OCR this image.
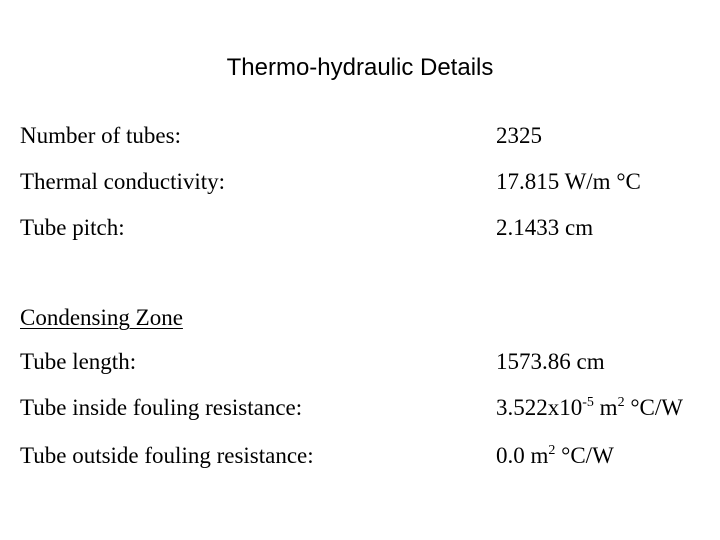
Thermo-hydraulic Details
Number of tubes:	2325
Thermal conductivity:	17.815 W/m °C
Tube pitch:	2.1433 cm
Condensing Zone
Tube length:	1573.86 cm
Tube inside fouling resistance:	$3.522x10^{-5}$ $m^2$ °C/W
Tube outside fouling resistance:	0.0 $m^2$ °C/W
